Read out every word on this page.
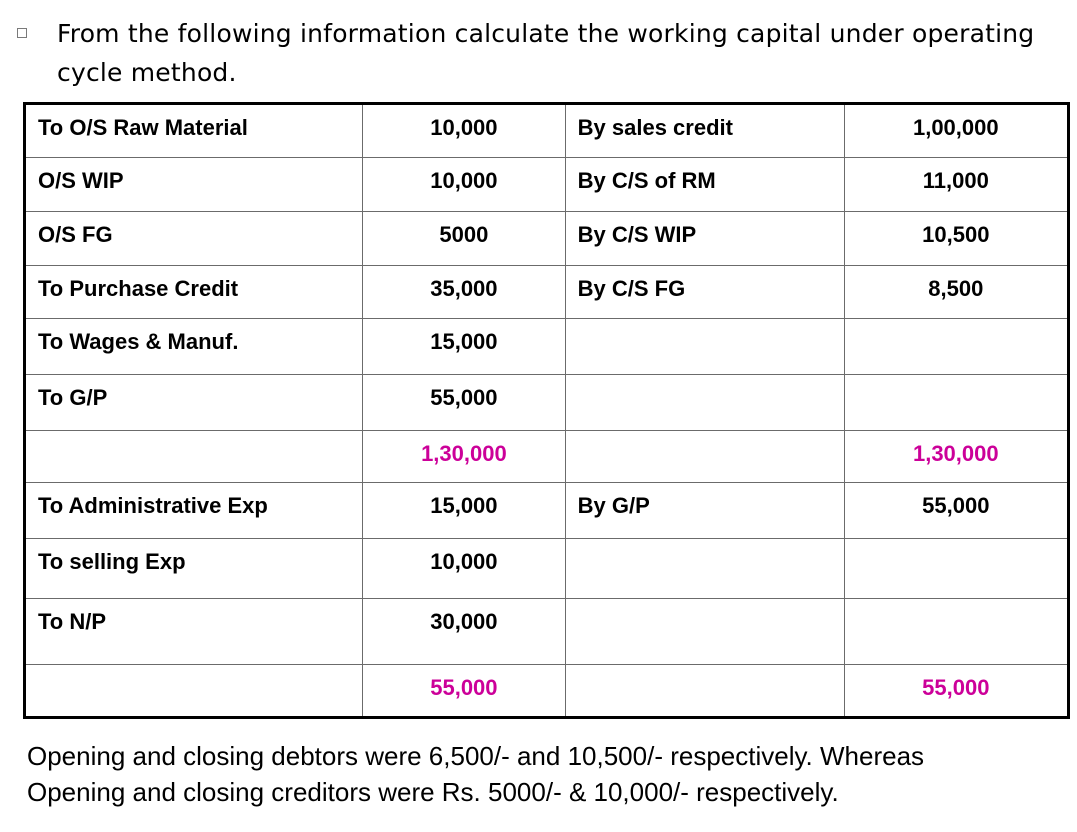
From the following information calculate the working capital under operating cycle method.
To O/S Raw Material	10,000	By sales credit	1,00,000
O/S WIP	10,000	By C/S of RM	11,000
O/S FG	5000	By C/S WIP	10,500
To Purchase Credit	35,000	By C/S FG	8,500
To Wages & Manuf.	15,000		
To G/P	55,000		
	1,30,000		1,30,000
To Administrative Exp	15,000	By G/P	55,000
To selling Exp	10,000		
To N/P	30,000		
	55,000		55,000
Opening and closing debtors were 6,500/- and 10,500/- respectively. Whereas
Opening and closing creditors were Rs. 5000/- & 10,000/- respectively.
